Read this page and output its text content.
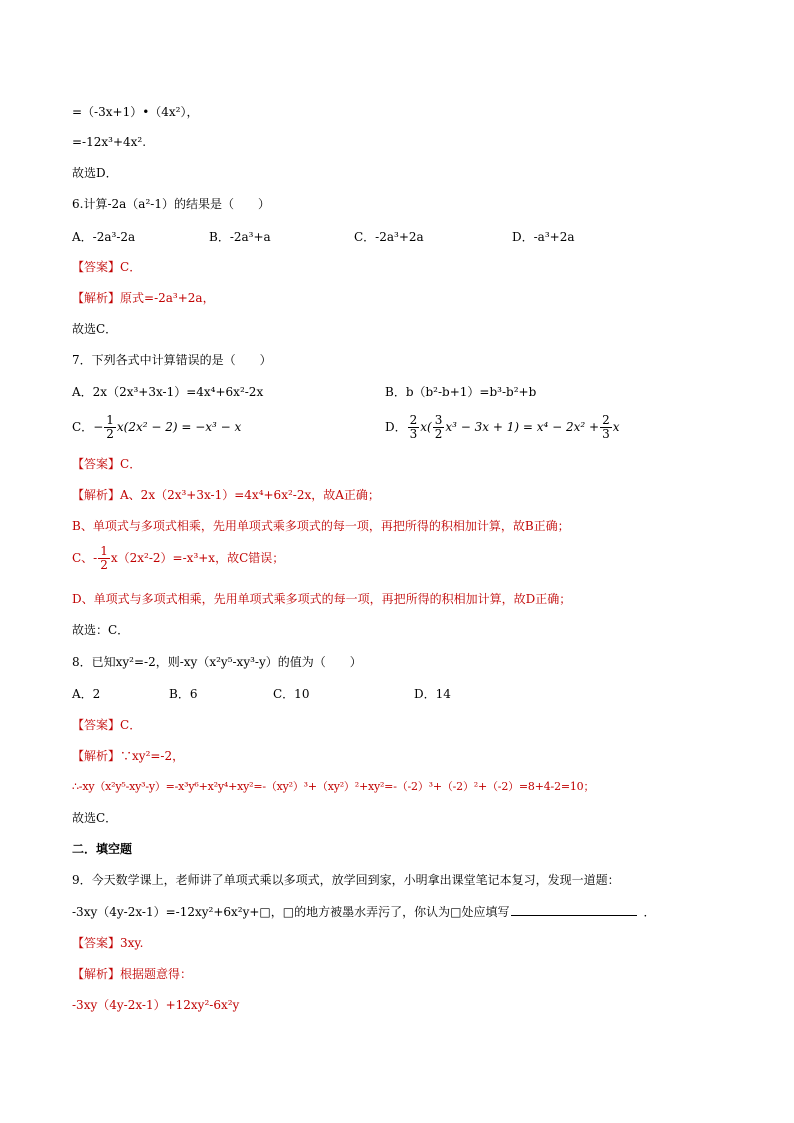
=（-3x+1）•（4x²），
=-12x³+4x².
故选D．
6.计算-2a（a²-1）的结果是（　　）
A．-2a³-2a	B．-2a³+a	C．-2a³+2a	D．-a³+2a
【答案】C．
【解析】原式=-2a³+2a，
故选C．
7．下列各式中计算错误的是（　　）
A．2x（2x³+3x-1）=4x⁴+6x²-2x	B．b（b²-b+1）=b³-b²+b
C．− $\frac{1}{2} x(2x^2 - 2) = -x^3 - x$	D． $\frac{2}{3} x( \frac{3}{2} x^3 - 3x + 1) = x^4 - 2x^2 + \frac{2}{3}$ x
【答案】C．
【解析】A、2x（2x³+3x-1）=4x⁴+6x²-2x，故A正确；
B、单项式与多项式相乘，先用单项式乘多项式的每一项，再把所得的积相加计算，故B正确；
C、- $\frac{1}{2} x(2x^2-2)=-x^3+x$，故C错误；
D、单项式与多项式相乘，先用单项式乘多项式的每一项，再把所得的积相加计算，故D正确；
故选：C．
8．已知xy²=-2，则-xy（x²y⁵-xy³-y）的值为（　　）
A．2	B．6	C．10	D．14
【答案】C．
【解析】∵xy²=-2，
∴-xy（x²y⁵-xy³-y）=-x³y⁶+x²y⁴+xy²=-（xy²）³+（xy²）²+xy²=-（-2）³+（-2）²+（-2）=8+4-2=10；
故选C．
二．填空题
9．今天数学课上，老师讲了单项式乘以多项式，放学回到家，小明拿出课堂笔记本复习，发现一道题：
-3xy（4y-2x-1）=-12xy²+6x²y+□，□的地方被墨水弄污了，你认为□处应填写	．
【答案】3xy.
【解析】根据题意得：
-3xy（4y-2x-1）+12xy²-6x²y
